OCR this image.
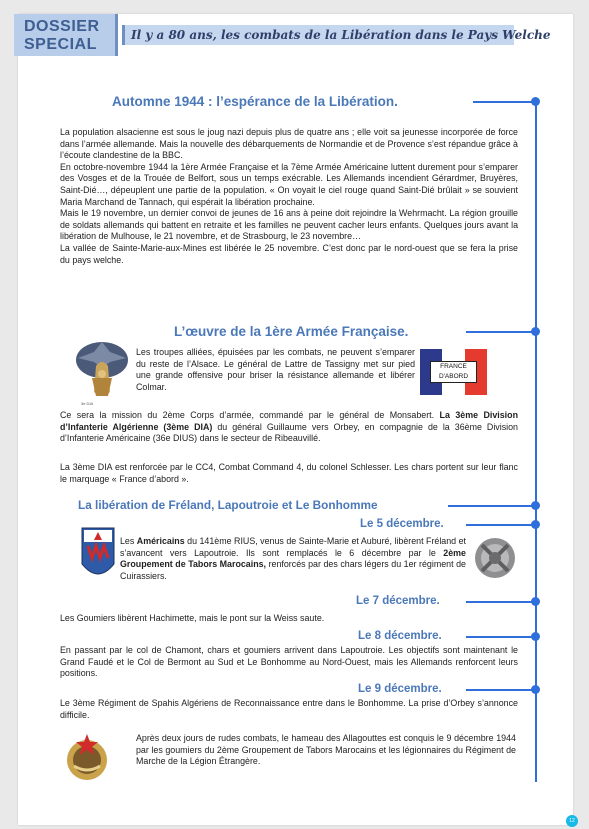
DOSSIER
SPECIAL
Il y a 80 ans, les combats de la Libération dans le Pays Welche
Automne 1944 : l’espérance de la Libération.

La population alsacienne est sous le joug nazi depuis plus de quatre ans ; elle voit sa jeunesse incorporée de force dans l’armée allemande. Mais la nouvelle des débarquements de Normandie et de Provence s’est répandue grâce à l’écoute clandestine de la BBC.

En octobre-novembre 1944 la 1ère Armée Française et la 7ème Armée Américaine luttent durement pour s’emparer des Vosges et de la Trouée de Belfort, sous un temps exécrable. Les Allemands incendient Gérardmer, Bruyères, Saint-Dié…, dépeuplent une partie de la population. « On voyait le ciel rouge quand Saint-Dié brûlait » se souvient Maria Marchand de Tannach, qui espérait la libération prochaine.

Mais le 19 novembre, un dernier convoi de jeunes de 16 ans à peine doit rejoindre la Wehrmacht. La région grouille de soldats allemands qui battent en retraite et les familles ne peuvent cacher leurs enfants. Quelques jours avant la libération de Mulhouse, le 21 novembre, et de Strasbourg, le 23 novembre…

La vallée de Sainte-Marie-aux-Mines est libérée le 25 novembre. C’est donc par le nord-ouest que se fera la prise du pays welche.

L’œuvre de la 1ère Armée Française.
3e DIA
Les troupes alliées, épuisées par les combats, ne peuvent s’emparer du reste de l’Alsace. Le général de Lattre de Tassigny met sur pied une grande offensive pour briser la résistance allemande et libérer Colmar.
FRANCE
D'ABORD
Ce sera la mission du 2ème Corps d’armée, commandé par le général de Monsabert. La 3ème Division d’Infanterie Algérienne (3ème DIA) du général Guillaume vers Orbey, en compagnie de la 36ème Division d’Infanterie Américaine (36e DIUS) dans le secteur de Ribeauvillé.
La 3ème DIA est renforcée par le CC4, Combat Command 4, du colonel Schlesser. Les chars portent sur leur flanc le marquage « France d’abord ».
La libération de Fréland, Lapoutroie et Le Bonhomme
Le 5 décembre.
Les Américains du 141ème RIUS, venus de Sainte-Marie et Auburé, libèrent Fréland et s’avancent vers Lapoutroie. Ils sont remplacés le 6 décembre par le 2ème Groupement de Tabors Marocains, renforcés par des chars légers du 1er régiment de Cuirassiers.
Le 7 décembre.
Les Goumiers libèrent Hachimette, mais le pont sur la Weiss saute.
Le 8 décembre.
En passant par le col de Chamont, chars et goumiers arrivent dans Lapoutroie. Les objectifs sont maintenant le Grand Faudé et le Col de Bermont au Sud et Le Bonhomme au Nord-Ouest, mais les Allemands renforcent leurs positions.
Le 9 décembre.
Le 3ème Régiment de Spahis Algériens de Reconnaissance entre dans le Bonhomme. La prise d’Orbey s’annonce difficile.
Après deux jours de rudes combats, le hameau des Allagouttes est conquis le 9 décembre 1944 par les goumiers du 2ème Groupement de Tabors Marocains et les légionnaires du Régiment de Marche de la Légion Étrangère.
12
